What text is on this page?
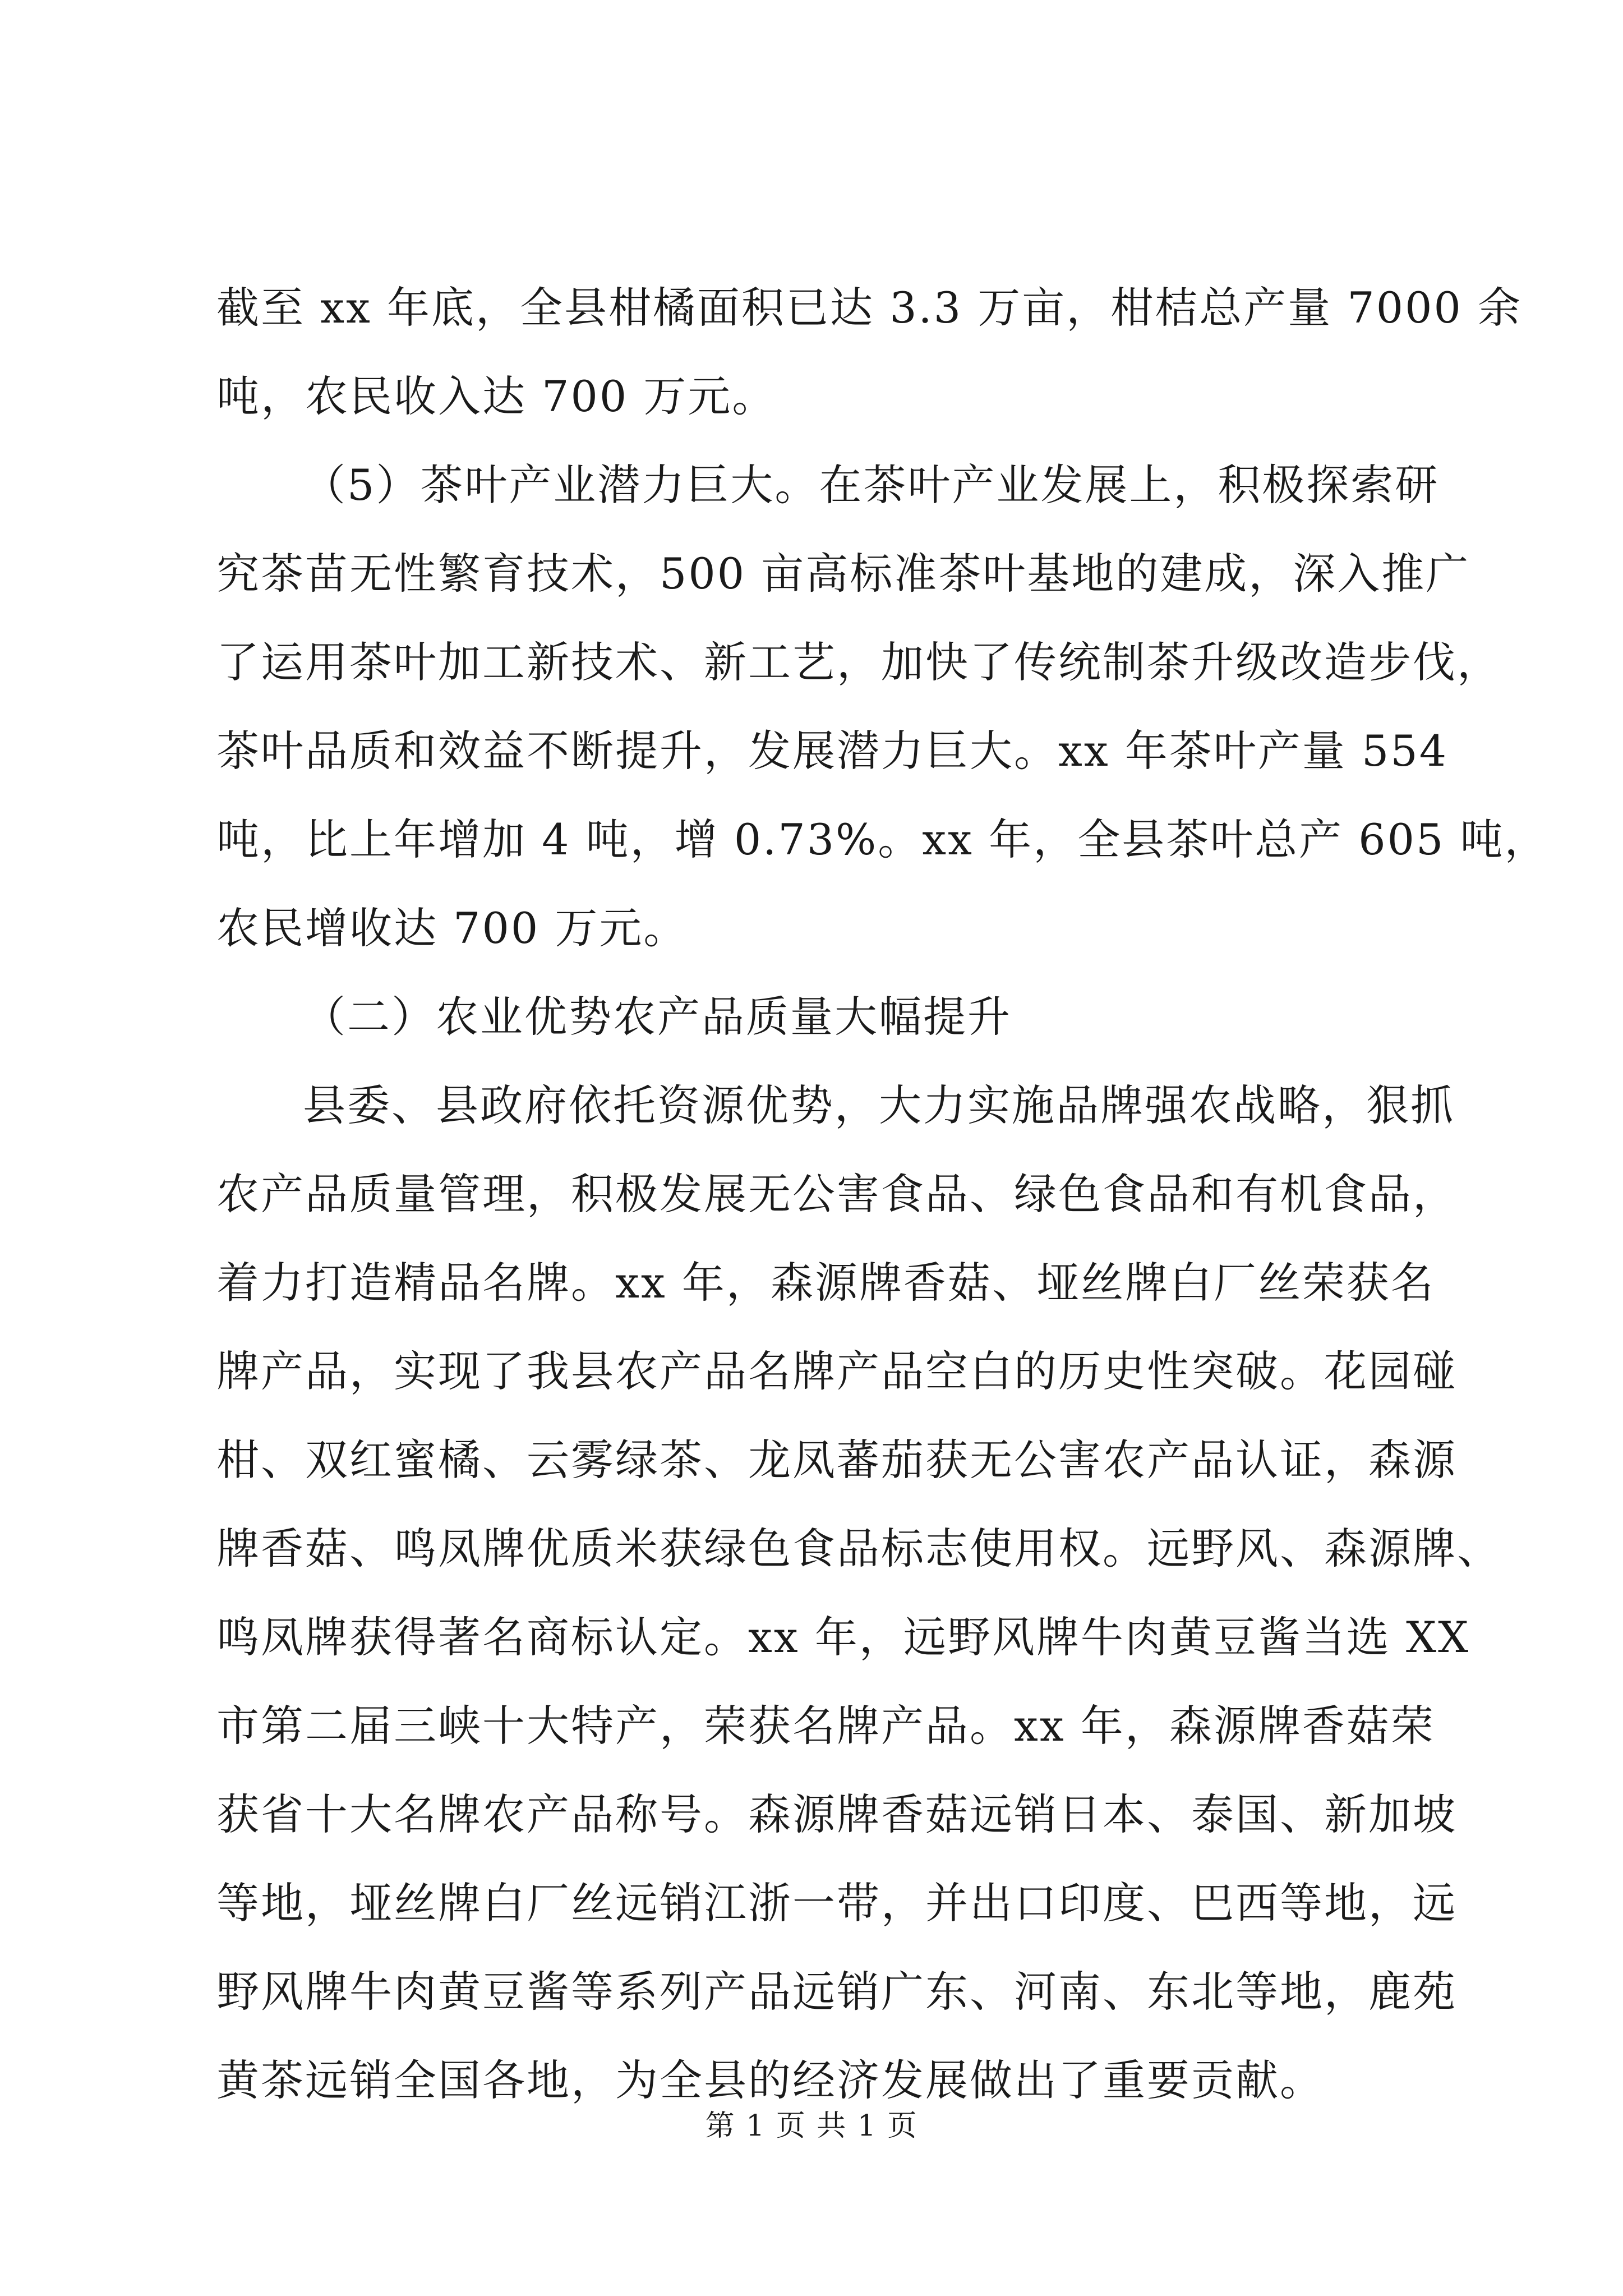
截至 xx 年底，全县柑橘面积已达 3.3 万亩，柑桔总产量 7000 余
吨，农民收入达 700 万元。
（5）茶叶产业潜力巨大。在茶叶产业发展上，积极探索研
究茶苗无性繁育技术，500 亩高标准茶叶基地的建成，深入推广
了运用茶叶加工新技术、新工艺，加快了传统制茶升级改造步伐，
茶叶品质和效益不断提升，发展潜力巨大。xx 年茶叶产量 554
吨，比上年增加 4 吨，增 0.73%。xx 年，全县茶叶总产 605 吨，
农民增收达 700 万元。
（二）农业优势农产品质量大幅提升
县委、县政府依托资源优势，大力实施品牌强农战略，狠抓
农产品质量管理，积极发展无公害食品、绿色食品和有机食品，
着力打造精品名牌。xx 年，森源牌香菇、垭丝牌白厂丝荣获名
牌产品，实现了我县农产品名牌产品空白的历史性突破。花园碰
柑、双红蜜橘、云雾绿茶、龙凤蕃茄获无公害农产品认证，森源
牌香菇、鸣凤牌优质米获绿色食品标志使用权。远野风、森源牌、
鸣凤牌获得著名商标认定。xx 年，远野风牌牛肉黄豆酱当选 XX
市第二届三峡十大特产，荣获名牌产品。xx 年，森源牌香菇荣
获省十大名牌农产品称号。森源牌香菇远销日本、泰国、新加坡
等地，垭丝牌白厂丝远销江浙一带，并出口印度、巴西等地，远
野风牌牛肉黄豆酱等系列产品远销广东、河南、东北等地，鹿苑
黄茶远销全国各地，为全县的经济发展做出了重要贡献。
第 1 页 共 1 页
